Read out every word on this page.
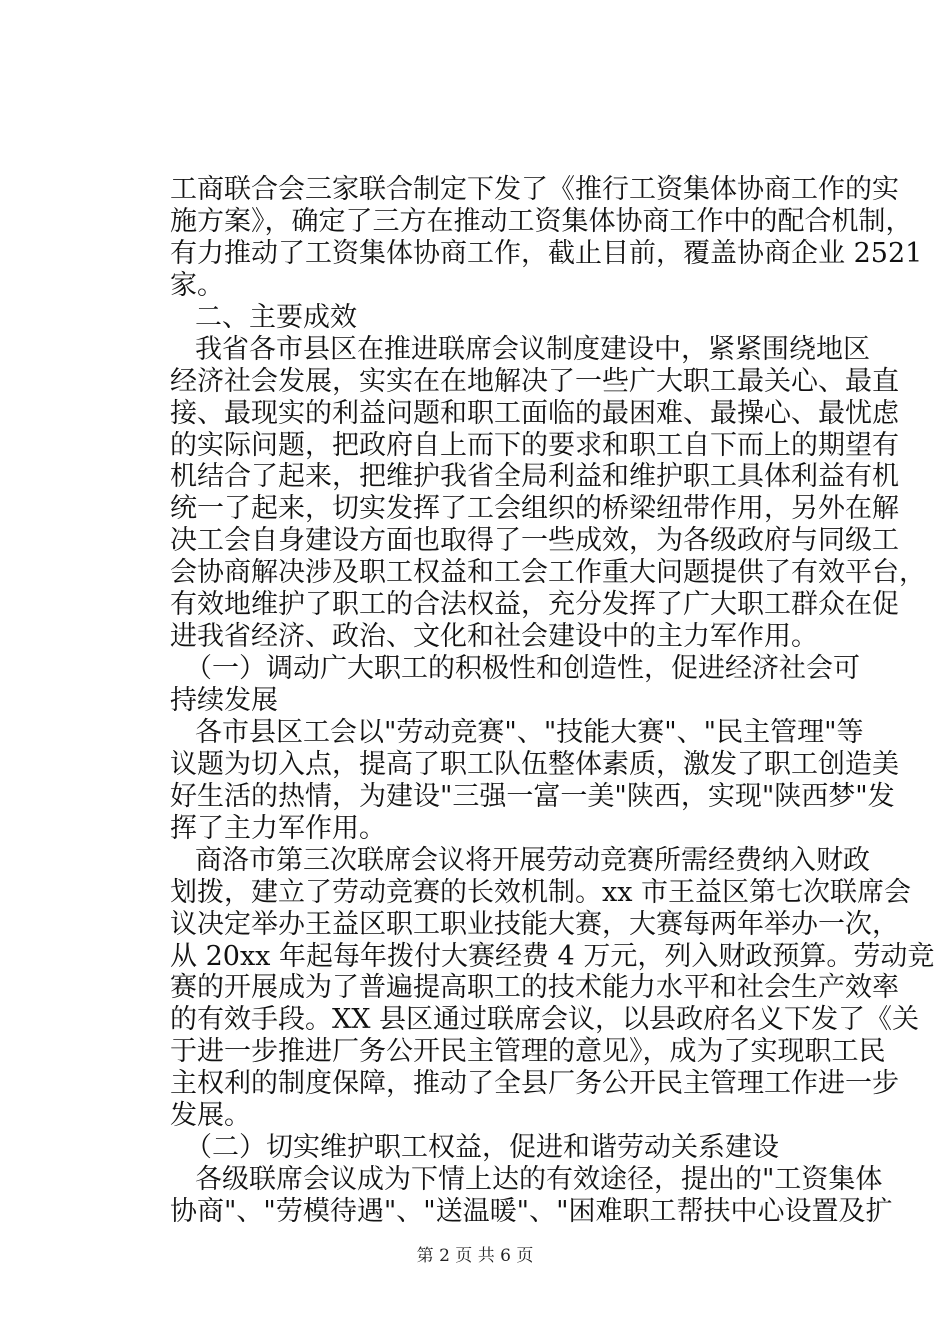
工商联合会三家联合制定下发了《推行工资集体协商工作的实
施方案》，确定了三方在推动工资集体协商工作中的配合机制，
有力推动了工资集体协商工作，截止目前，覆盖协商企业 2521
家。
二、主要成效
我省各市县区在推进联席会议制度建设中，紧紧围绕地区
经济社会发展，实实在在地解决了一些广大职工最关心、最直
接、最现实的利益问题和职工面临的最困难、最操心、最忧虑
的实际问题，把政府自上而下的要求和职工自下而上的期望有
机结合了起来，把维护我省全局利益和维护职工具体利益有机
统一了起来，切实发挥了工会组织的桥梁纽带作用，另外在解
决工会自身建设方面也取得了一些成效，为各级政府与同级工
会协商解决涉及职工权益和工会工作重大问题提供了有效平台，
有效地维护了职工的合法权益，充分发挥了广大职工群众在促
进我省经济、政治、文化和社会建设中的主力军作用。
（一）调动广大职工的积极性和创造性，促进经济社会可
持续发展
各市县区工会以"劳动竞赛"、"技能大赛"、"民主管理"等
议题为切入点，提高了职工队伍整体素质，激发了职工创造美
好生活的热情，为建设"三强一富一美"陕西，实现"陕西梦"发
挥了主力军作用。
商洛市第三次联席会议将开展劳动竞赛所需经费纳入财政
划拨，建立了劳动竞赛的长效机制。xx 市王益区第七次联席会
议决定举办王益区职工职业技能大赛，大赛每两年举办一次，
从 20xx 年起每年拨付大赛经费 4 万元，列入财政预算。劳动竞
赛的开展成为了普遍提高职工的技术能力水平和社会生产效率
的有效手段。XX 县区通过联席会议，以县政府名义下发了《关
于进一步推进厂务公开民主管理的意见》，成为了实现职工民
主权利的制度保障，推动了全县厂务公开民主管理工作进一步
发展。
（二）切实维护职工权益，促进和谐劳动关系建设
各级联席会议成为下情上达的有效途径，提出的"工资集体
协商"、"劳模待遇"、"送温暖"、"困难职工帮扶中心设置及扩
第 2 页 共 6 页
